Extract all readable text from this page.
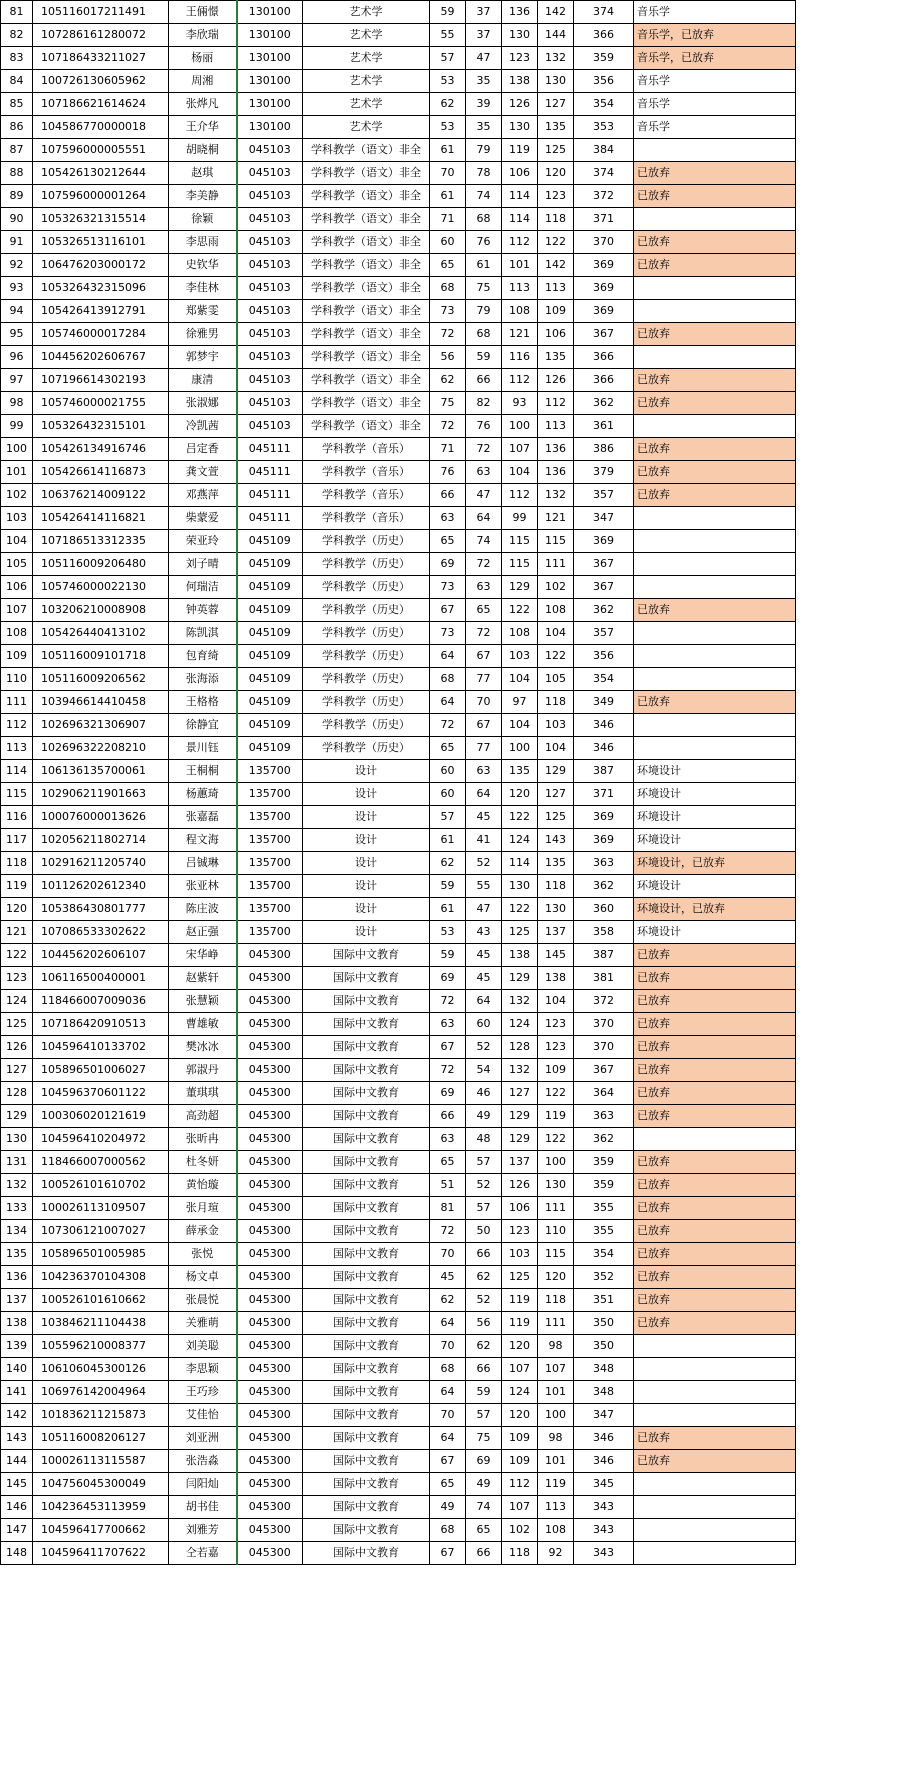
81	105116017211491	王倆憬	130100	艺术学	59	37	136	142	374	音乐学
82	107286161280072	李欣瑞	130100	艺术学	55	37	130	144	366	音乐学，已放弃
83	107186433211027	杨丽	130100	艺术学	57	47	123	132	359	音乐学，已放弃
84	100726130605962	周湘	130100	艺术学	53	35	138	130	356	音乐学
85	107186621614624	张烨凡	130100	艺术学	62	39	126	127	354	音乐学
86	104586770000018	王介华	130100	艺术学	53	35	130	135	353	音乐学
87	107596000005551	胡晓桐	045103	学科教学（语文）非全	61	79	119	125	384	
88	105426130212644	赵琪	045103	学科教学（语文）非全	70	78	106	120	374	已放弃
89	107596000001264	李美静	045103	学科教学（语文）非全	61	74	114	123	372	已放弃
90	105326321315514	徐颖	045103	学科教学（语文）非全	71	68	114	118	371	
91	105326513116101	李思雨	045103	学科教学（语文）非全	60	76	112	122	370	已放弃
92	106476203000172	史钦华	045103	学科教学（语文）非全	65	61	101	142	369	已放弃
93	105326432315096	李佳林	045103	学科教学（语文）非全	68	75	113	113	369	
94	105426413912791	郑紫雯	045103	学科教学（语文）非全	73	79	108	109	369	
95	105746000017284	徐雅男	045103	学科教学（语文）非全	72	68	121	106	367	已放弃
96	104456202606767	郭梦宇	045103	学科教学（语文）非全	56	59	116	135	366	
97	107196614302193	康清	045103	学科教学（语文）非全	62	66	112	126	366	已放弃
98	105746000021755	张淑娜	045103	学科教学（语文）非全	75	82	93	112	362	已放弃
99	105326432315101	冷凯茜	045103	学科教学（语文）非全	72	76	100	113	361	
100	105426134916746	吕定香	045111	学科教学（音乐）	71	72	107	136	386	已放弃
101	105426614116873	龚文萱	045111	学科教学（音乐）	76	63	104	136	379	已放弃
102	106376214009122	邓燕萍	045111	学科教学（音乐）	66	47	112	132	357	已放弃
103	105426414116821	柴蒙爱	045111	学科教学（音乐）	63	64	99	121	347	
104	107186513312335	荣亚玲	045109	学科教学（历史）	65	74	115	115	369	
105	105116009206480	刘子晴	045109	学科教学（历史）	69	72	115	111	367	
106	105746000022130	何瑞洁	045109	学科教学（历史）	73	63	129	102	367	
107	103206210008908	钟英蓉	045109	学科教学（历史）	67	65	122	108	362	已放弃
108	105426440413102	陈凯淇	045109	学科教学（历史）	73	72	108	104	357	
109	105116009101718	包育绮	045109	学科教学（历史）	64	67	103	122	356	
110	105116009206562	张海添	045109	学科教学（历史）	68	77	104	105	354	
111	103946614410458	王格格	045109	学科教学（历史）	64	70	97	118	349	已放弃
112	102696321306907	徐静宜	045109	学科教学（历史）	72	67	104	103	346	
113	102696322208210	景川钰	045109	学科教学（历史）	65	77	100	104	346	
114	106136135700061	王桐桐	135700	设计	60	63	135	129	387	环境设计
115	102906211901663	杨蕙琦	135700	设计	60	64	120	127	371	环境设计
116	100076000013626	张嘉磊	135700	设计	57	45	122	125	369	环境设计
117	102056211802714	程文海	135700	设计	61	41	124	143	369	环境设计
118	102916211205740	吕铖琳	135700	设计	62	52	114	135	363	环境设计，已放弃
119	101126202612340	张亚林	135700	设计	59	55	130	118	362	环境设计
120	105386430801777	陈庄波	135700	设计	61	47	122	130	360	环境设计，已放弃
121	107086533302622	赵正强	135700	设计	53	43	125	137	358	环境设计
122	104456202606107	宋华峥	045300	国际中文教育	59	45	138	145	387	已放弃
123	106116500400001	赵紫轩	045300	国际中文教育	69	45	129	138	381	已放弃
124	118466007009036	张慧颖	045300	国际中文教育	72	64	132	104	372	已放弃
125	107186420910513	曹雄敏	045300	国际中文教育	63	60	124	123	370	已放弃
126	104596410133702	樊冰冰	045300	国际中文教育	67	52	128	123	370	已放弃
127	105896501006027	郭淑丹	045300	国际中文教育	72	54	132	109	367	已放弃
128	104596370601122	董琪琪	045300	国际中文教育	69	46	127	122	364	已放弃
129	100306020121619	高劲超	045300	国际中文教育	66	49	129	119	363	已放弃
130	104596410204972	张昕冉	045300	国际中文教育	63	48	129	122	362	
131	118466007000562	杜冬妍	045300	国际中文教育	65	57	137	100	359	已放弃
132	100526101610702	黄怡璇	045300	国际中文教育	51	52	126	130	359	已放弃
133	100026113109507	张月瑄	045300	国际中文教育	81	57	106	111	355	已放弃
134	107306121007027	薛承金	045300	国际中文教育	72	50	123	110	355	已放弃
135	105896501005985	张悦	045300	国际中文教育	70	66	103	115	354	已放弃
136	104236370104308	杨文卓	045300	国际中文教育	45	62	125	120	352	已放弃
137	100526101610662	张晨悦	045300	国际中文教育	62	52	119	118	351	已放弃
138	103846211104438	关雅萌	045300	国际中文教育	64	56	119	111	350	已放弃
139	105596210008377	刘美聪	045300	国际中文教育	70	62	120	98	350	
140	106106045300126	李思颖	045300	国际中文教育	68	66	107	107	348	
141	106976142004964	王巧珍	045300	国际中文教育	64	59	124	101	348	
142	101836211215873	艾佳怡	045300	国际中文教育	70	57	120	100	347	
143	105116008206127	刘亚洲	045300	国际中文教育	64	75	109	98	346	已放弃
144	100026113115587	张浩淼	045300	国际中文教育	67	69	109	101	346	已放弃
145	104756045300049	闫阳灿	045300	国际中文教育	65	49	112	119	345	
146	104236453113959	胡书佳	045300	国际中文教育	49	74	107	113	343	
147	104596417700662	刘雅芳	045300	国际中文教育	68	65	102	108	343	
148	104596411707622	仝若嘉	045300	国际中文教育	67	66	118	92	343	
